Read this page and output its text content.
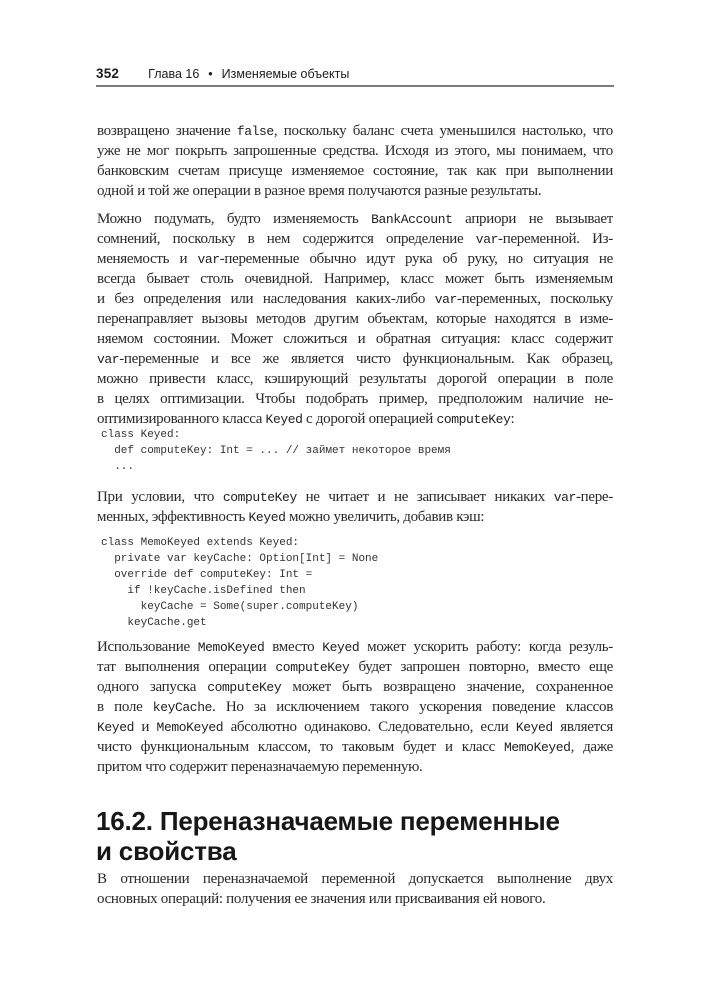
352 Глава 16 • Изменяемые объекты
возвращено значение false, поскольку баланс счета уменьшился настолько, что
уже не мог покрыть запрошенные средства. Исходя из этого, мы понимаем, что
банковским счетам присуще изменяемое состояние, так как при выполнении
одной и той же операции в разное время получаются разные результаты.
Можно подумать, будто изменяемость BankAccount априори не вызывает
сомнений, поскольку в нем содержится определение var-переменной. Из-
меняемость и var-переменные обычно идут рука об руку, но ситуация не
всегда бывает столь очевидной. Например, класс может быть изменяемым
и без определения или наследования каких-либо var-переменных, поскольку
перенаправляет вызовы методов другим объектам, которые находятся в изме-
няемом состоянии. Может сложиться и обратная ситуация: класс содержит
var-переменные и все же является чисто функциональным. Как образец,
можно привести класс, кэширующий результаты дорогой операции в поле
в целях оптимизации. Чтобы подобрать пример, предположим наличие не-
оптимизированного класса Keyed с дорогой операцией computeKey:
class Keyed:
def computeKey: Int = ... // займет некоторое время
...
При условии, что computeKey не читает и не записывает никаких var-пере-
менных, эффективность Keyed можно увеличить, добавив кэш:
class MemoKeyed extends Keyed:
private var keyCache: Option[Int] = None
override def computeKey: Int =
if !keyCache.isDefined then
keyCache = Some(super.computeKey)
keyCache.get
Использование MemoKeyed вместо Keyed может ускорить работу: когда резуль-
тат выполнения операции computeKey будет запрошен повторно, вместо еще
одного запуска computeKey может быть возвращено значение, сохраненное
в поле keyCache. Но за исключением такого ускорения поведение классов
Keyed и MemoKeyed абсолютно одинаково. Следовательно, если Keyed является
чисто функциональным классом, то таковым будет и класс MemoKeyed, даже
притом что содержит переназначаемую переменную.
16.2. Переназначаемые переменные
и свойства
В отношении переназначаемой переменной допускается выполнение двух
основных операций: получения ее значения или присваивания ей нового.
